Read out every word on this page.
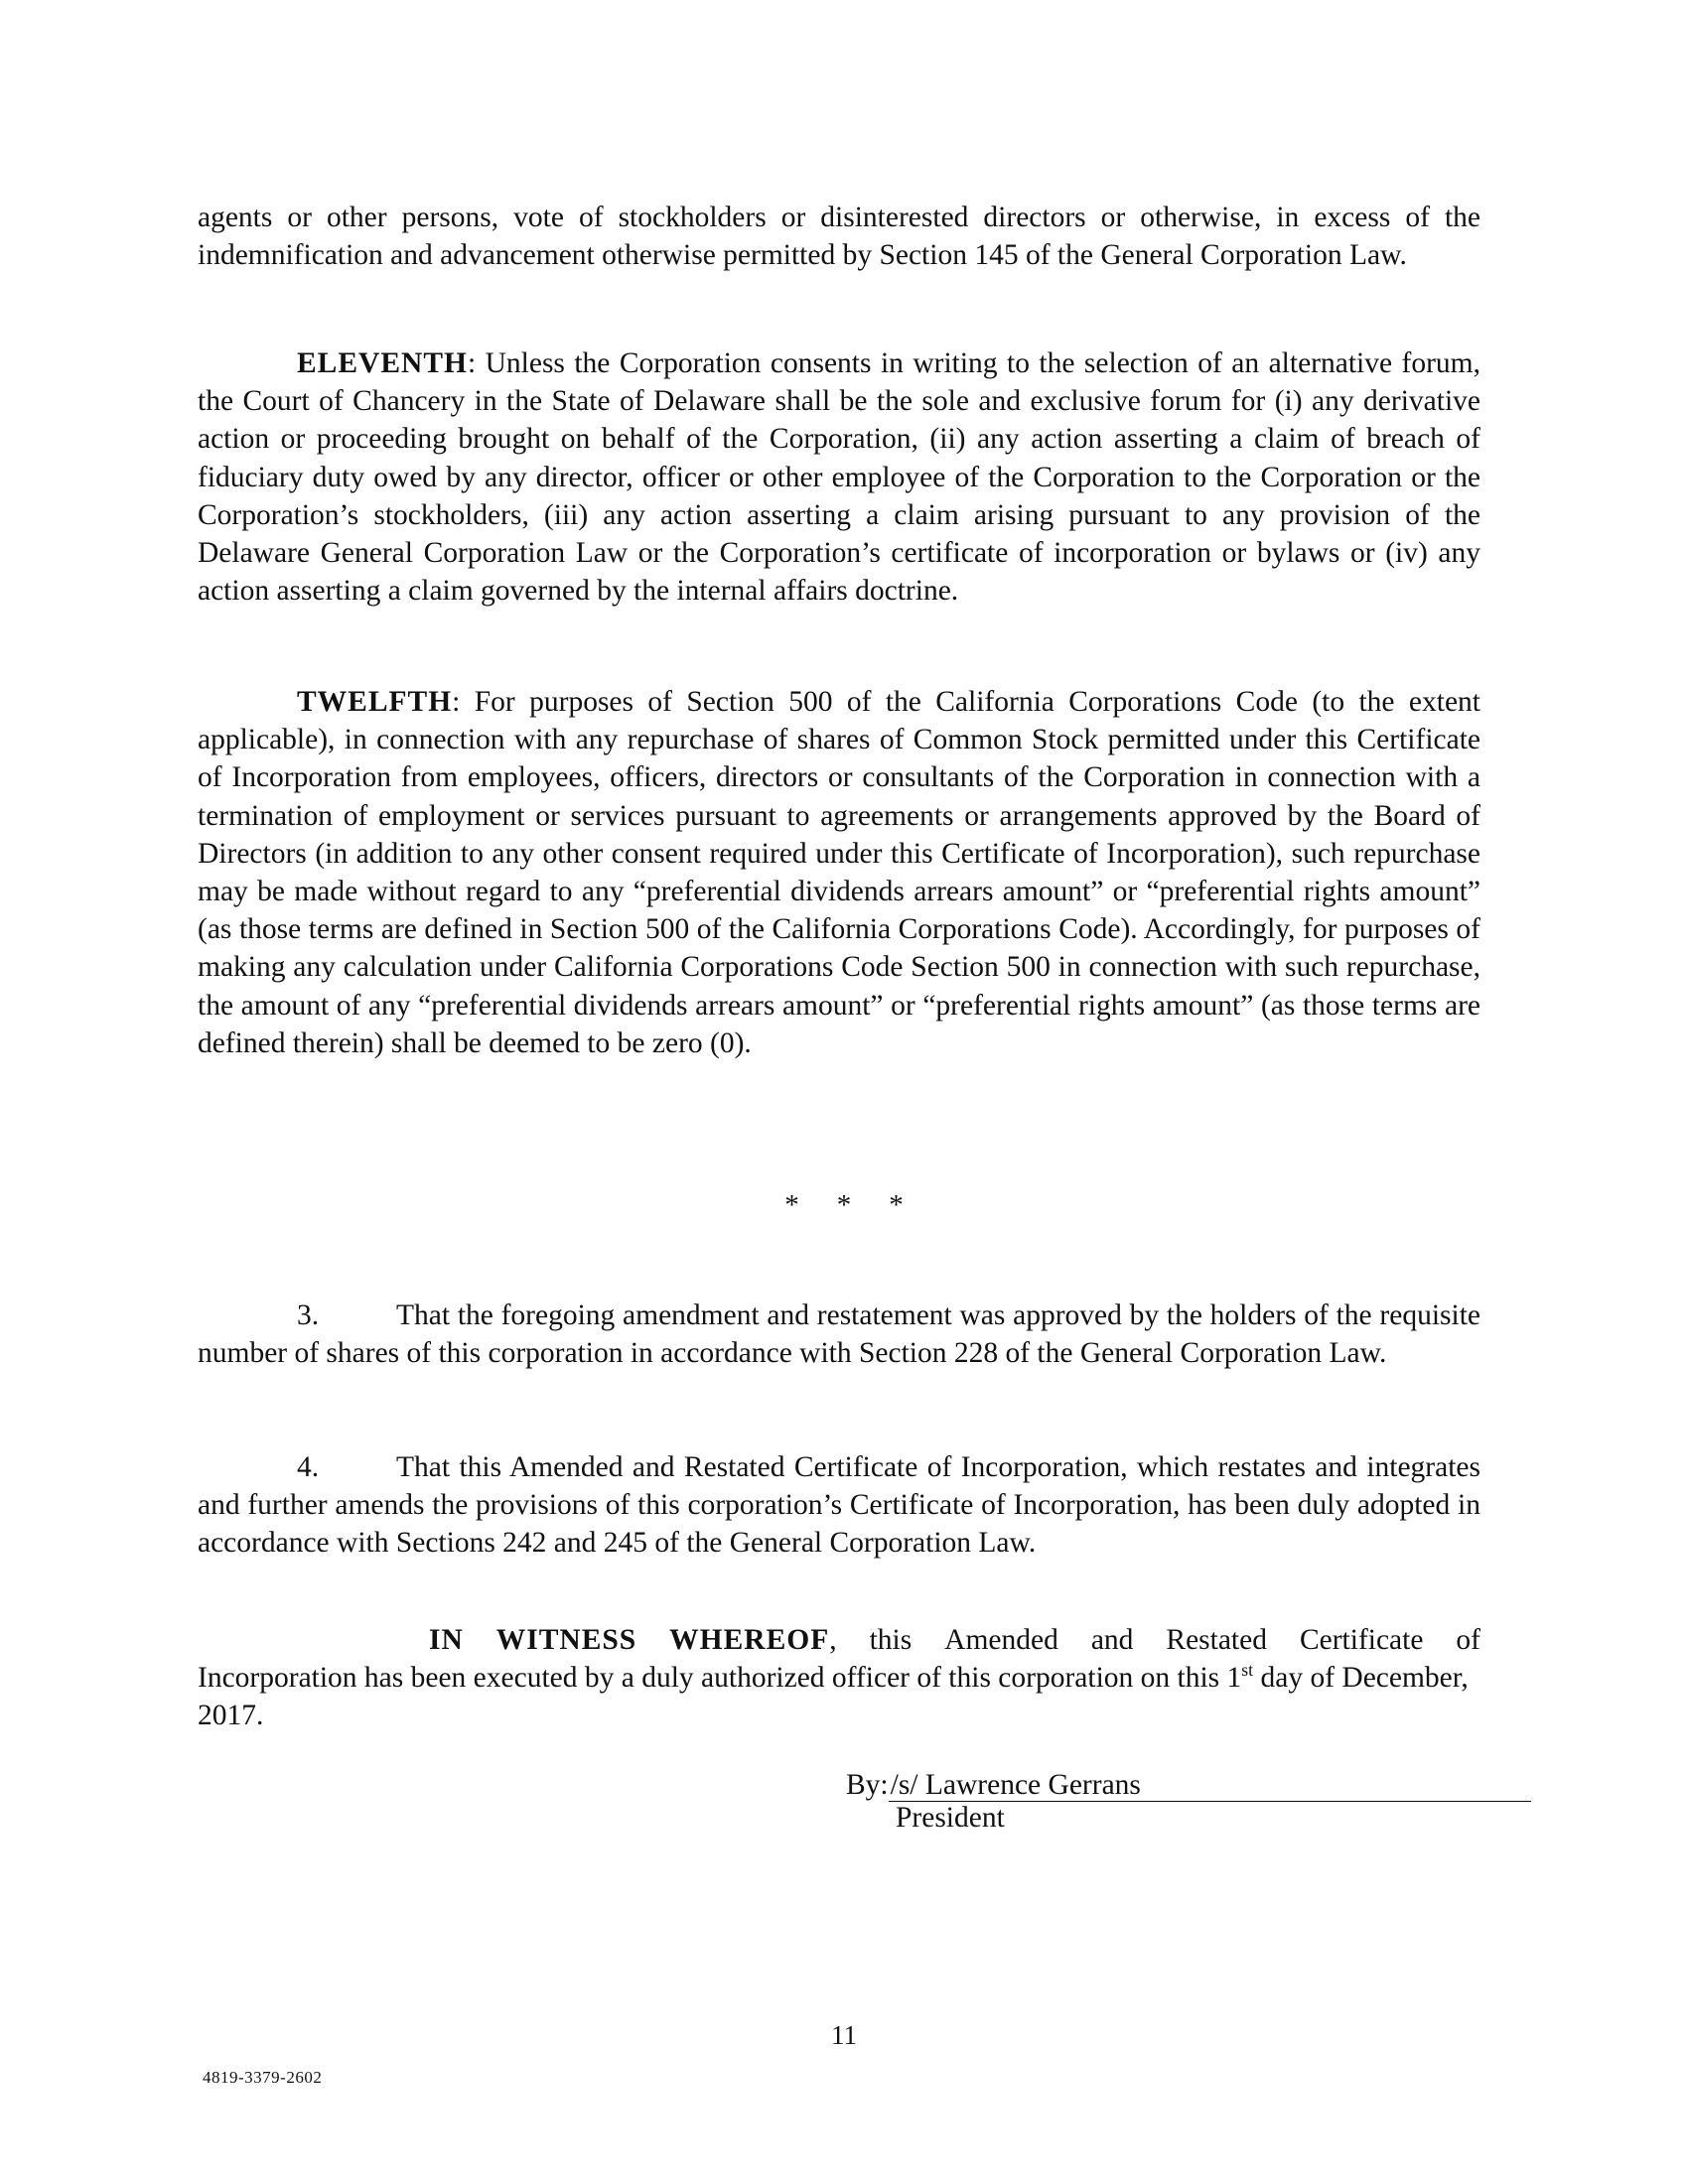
agents or other persons, vote of stockholders or disinterested directors or otherwise, in excess of the indemnification and advancement otherwise permitted by Section 145 of the General Corporation Law.

ELEVENTH: Unless the Corporation consents in writing to the selection of an alternative forum, the Court of Chancery in the State of Delaware shall be the sole and exclusive forum for (i) any derivative action or proceeding brought on behalf of the Corporation, (ii) any action asserting a claim of breach of fiduciary duty owed by any director, officer or other employee of the Corporation to the Corporation or the Corporation’s stockholders, (iii) any action asserting a claim arising pursuant to any provision of the Delaware General Corporation Law or the Corporation’s certificate of incorporation or bylaws or (iv) any action asserting a claim governed by the internal affairs doctrine.

TWELFTH: For purposes of Section 500 of the California Corporations Code (to the extent applicable), in connection with any repurchase of shares of Common Stock permitted under this Certificate of Incorporation from employees, officers, directors or consultants of the Corporation in connection with a termination of employment or services pursuant to agreements or arrangements approved by the Board of Directors (in addition to any other consent required under this Certificate of Incorporation), such repurchase may be made without regard to any “preferential dividends arrears amount” or “preferential rights amount” (as those terms are defined in Section 500 of the California Corporations Code). Accordingly, for purposes of making any calculation under California Corporations Code Section 500 in connection with such repurchase, the amount of any “preferential dividends arrears amount” or “preferential rights amount” (as those terms are defined therein) shall be deemed to be zero (0).

* * *

3.	That the foregoing amendment and restatement was approved by the holders of the requisite number of shares of this corporation in accordance with Section 228 of the General Corporation Law.

4.	That this Amended and Restated Certificate of Incorporation, which restates and integrates and further amends the provisions of this corporation’s Certificate of Incorporation, has been duly adopted in accordance with Sections 242 and 245 of the General Corporation Law.

IN WITNESS WHEREOF, this Amended and Restated Certificate of

Incorporation has been executed by a duly authorized officer of this corporation on this 1st day of December, 2017.

By: /s/ Lawrence Gerrans
President
11
4819-3379-2602
